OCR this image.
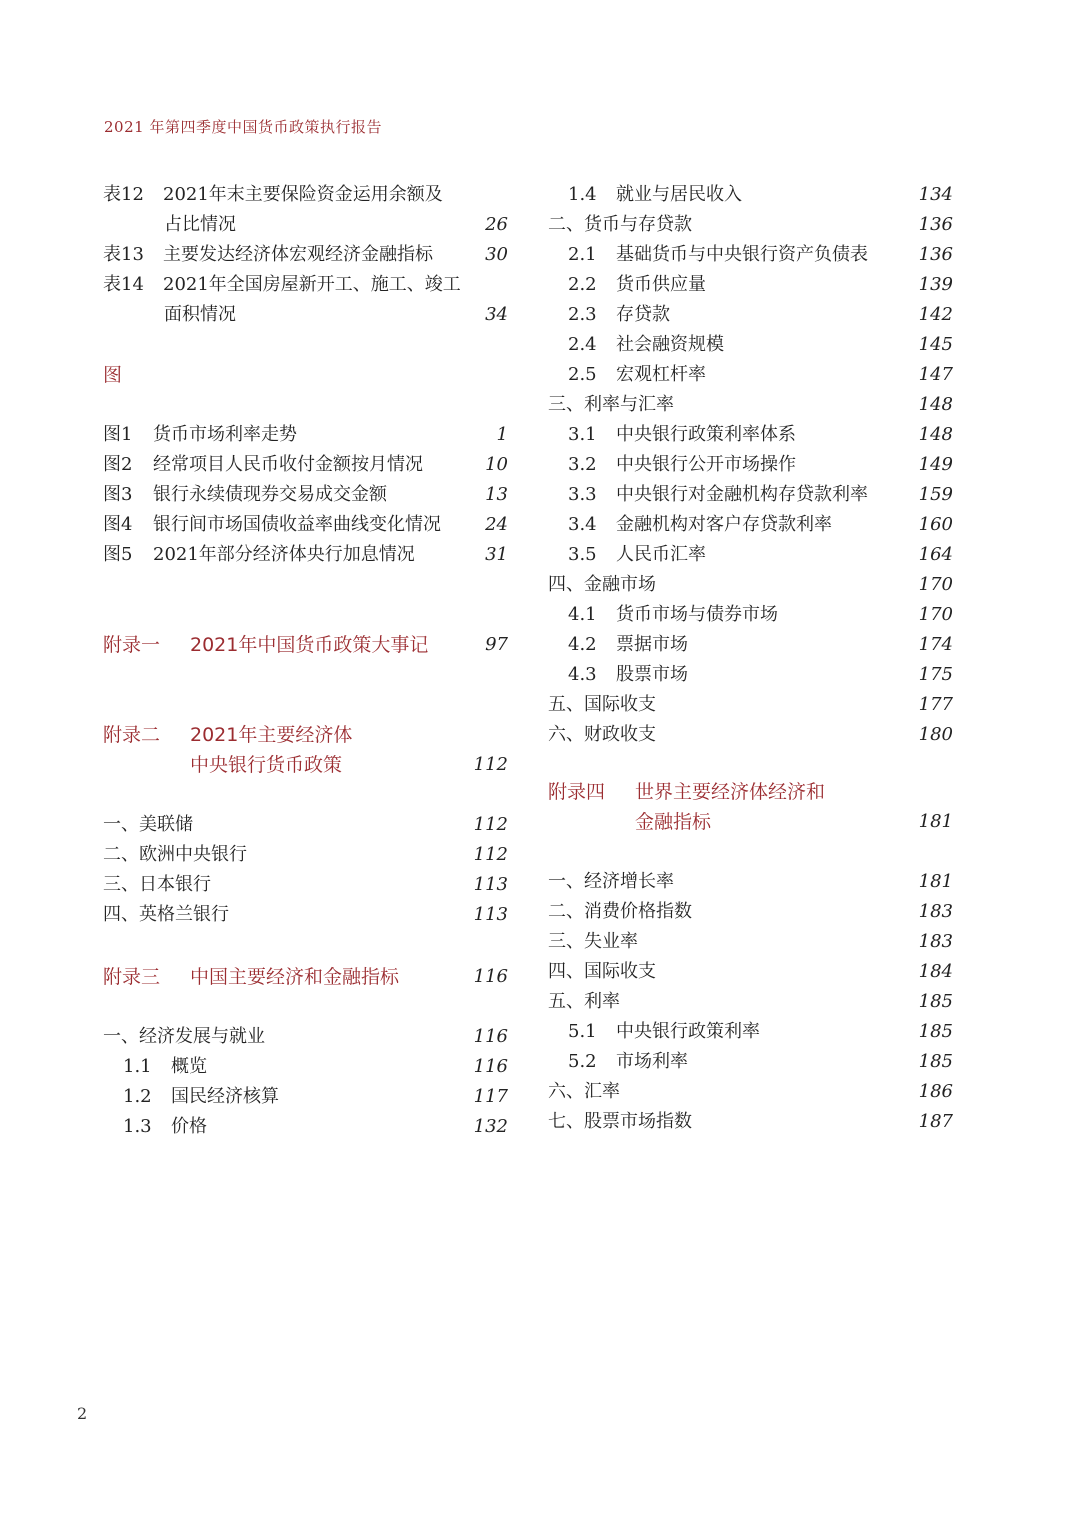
2021 年第四季度中国货币政策执行报告
表12 2021年末主要保险资金运用余额及
占比情况	26
表13 主要发达经济体宏观经济金融指标	30
表14 2021年全国房屋新开工、施工、竣工
面积情况	34
图
图1 货币市场利率走势	1
图2 经常项目人民币收付金额按月情况	10
图3 银行永续债现券交易成交金额	13
图4 银行间市场国债收益率曲线变化情况 24
图5 2021年部分经济体央行加息情况	31
附录一 2021年中国货币政策大事记	97
附录二 2021年主要经济体
中央银行货币政策	112
一、美联储	112
二、欧洲中央银行	112
三、日本银行	113
四、英格兰银行	113
附录三 中国主要经济和金融指标	116
一、经济发展与就业	116
1.1 概览	116
1.2 国民经济核算	117
1.3 价格	132
1.4 就业与居民收入	134
二、货币与存贷款	136
2.1 基础货币与中央银行资产负债表	136
2.2 货币供应量	139
2.3 存贷款	142
2.4 社会融资规模	145
2.5 宏观杠杆率	147
三、利率与汇率	148
3.1 中央银行政策利率体系	148
3.2 中央银行公开市场操作	149
3.3 中央银行对金融机构存贷款利率	159
3.4 金融机构对客户存贷款利率	160
3.5 人民币汇率	164
四、金融市场	170
4.1 货币市场与债券市场	170
4.2 票据市场	174
4.3 股票市场	175
五、国际收支	177
六、财政收支	180
附录四 世界主要经济体经济和
金融指标	181
一、经济增长率	181
二、消费价格指数	183
三、失业率	183
四、国际收支	184
五、利率	185
5.1 中央银行政策利率	185
5.2 市场利率	185
六、汇率	186
七、股票市场指数	187
2
